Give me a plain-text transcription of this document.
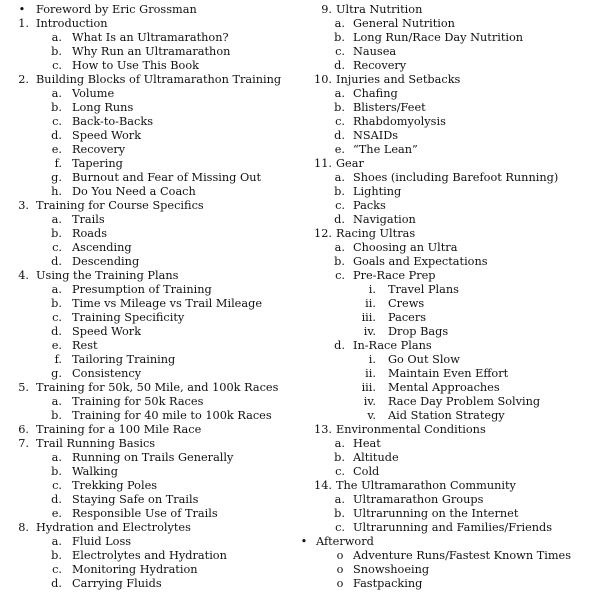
• Foreword by Eric Grossman
1. Introduction
a. What Is an Ultramarathon?
b. Why Run an Ultramarathon
c. How to Use This Book
2. Building Blocks of Ultramarathon Training
a. Volume
b. Long Runs
c. Back-to-Backs
d. Speed Work
e. Recovery
f. Tapering
g. Burnout and Fear of Missing Out
h. Do You Need a Coach
3. Training for Course Specifics
a. Trails
b. Roads
c. Ascending
d. Descending
4. Using the Training Plans
a. Presumption of Training
b. Time vs Mileage vs Trail Mileage
c. Training Specificity
d. Speed Work
e. Rest
f. Tailoring Training
g. Consistency
5. Training for 50k, 50 Mile, and 100k Races
a. Training for 50k Races
b. Training for 40 mile to 100k Races
6. Training for a 100 Mile Race
7. Trail Running Basics
a. Running on Trails Generally
b. Walking
c. Trekking Poles
d. Staying Safe on Trails
e. Responsible Use of Trails
8. Hydration and Electrolytes
a. Fluid Loss
b. Electrolytes and Hydration
c. Monitoring Hydration
d. Carrying Fluids
9. Ultra Nutrition
a. General Nutrition
b. Long Run/Race Day Nutrition
c. Nausea
d. Recovery
10. Injuries and Setbacks
a. Chafing
b. Blisters/Feet
c. Rhabdomyolysis
d. NSAIDs
e. “The Lean”
11. Gear
a. Shoes (including Barefoot Running)
b. Lighting
c. Packs
d. Navigation
12. Racing Ultras
a. Choosing an Ultra
b. Goals and Expectations
c. Pre-Race Prep
i. Travel Plans
ii. Crews
iii. Pacers
iv. Drop Bags
d. In-Race Plans
i. Go Out Slow
ii. Maintain Even Effort
iii. Mental Approaches
iv. Race Day Problem Solving
v. Aid Station Strategy
13. Environmental Conditions
a. Heat
b. Altitude
c. Cold
14. The Ultramarathon Community
a. Ultramarathon Groups
b. Ultrarunning on the Internet
c. Ultrarunning and Families/Friends
• Afterword
o Adventure Runs/Fastest Known Times
o Snowshoeing
o Fastpacking
